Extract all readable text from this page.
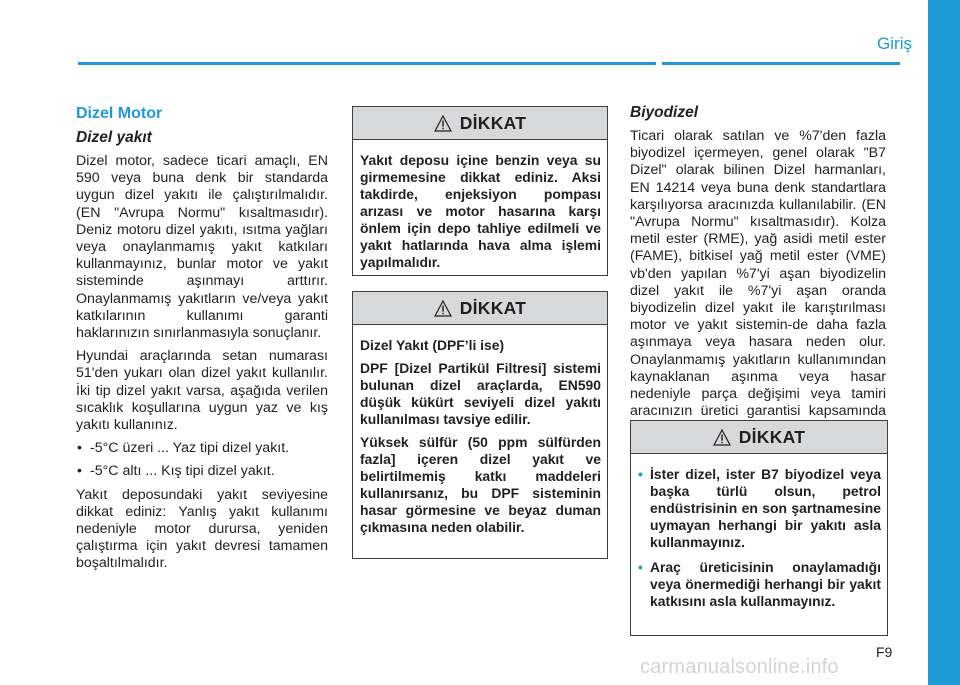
Giriş
Dizel Motor
Dizel yakıt

Dizel motor, sadece ticari amaçlı, EN 590 veya buna denk bir standarda uygun dizel yakıtı ile çalıştırılmalıdır. (EN "Avrupa Normu" kısaltmasıdır). Deniz motoru dizel yakıtı, ısıtma yağları veya onaylanmamış yakıt katkıları kullanmayınız, bunlar motor ve yakıt sisteminde aşınmayı arttırır. Onaylanmamış yakıtların ve/veya yakıt katkılarının kullanımı garanti haklarınızın sınırlanmasıyla sonuçlanır.

Hyundai araçlarında setan numarası 51'den yukarı olan dizel yakıt kullanılır. İki tip dizel yakıt varsa, aşağıda verilen sıcaklık koşullarına uygun yaz ve kış yakıtı kullanınız.

• -5°C üzeri ... Yaz tipi dizel yakıt.
• -5°C altı ... Kış tipi dizel yakıt.

Yakıt deposundaki yakıt seviyesine dikkat ediniz: Yanlış yakıt kullanımı nedeniyle motor durursa, yeniden çalıştırma için yakıt devresi tamamen boşaltılmalıdır.

DİKKAT

Yakıt deposu içine benzin veya su girmemesine dikkat ediniz. Aksi takdirde, enjeksiyon pompası arızası ve motor hasarına karşı önlem için depo tahliye edilmeli ve yakıt hatlarında hava alma işlemi yapılmalıdır.

DİKKAT

Dizel Yakıt (DPF’li ise)

DPF [Dizel Partikül Filtresi] sistemi bulunan dizel araçlarda, EN590 düşük kükürt seviyeli dizel yakıtı kullanılması tavsiye edilir.

Yüksek sülfür (50 ppm sülfürden fazla] içeren dizel yakıt ve belirtilmemiş katkı maddeleri kullanırsanız, bu DPF sisteminin hasar görmesine ve beyaz duman çıkmasına neden olabilir.

Biyodizel

Ticari olarak satılan ve %7'den fazla biyodizel içermeyen, genel olarak "B7 Dizel" olarak bilinen Dizel harmanları, EN 14214 veya buna denk standartlara karşılıyorsa aracınızda kullanılabilir. (EN "Avrupa Normu" kısaltmasıdır). Kolza metil ester (RME), yağ asidi metil ester (FAME), bitkisel yağ metil ester (VME) vb'den yapılan %7'yi aşan biyodizelin dizel yakıt ile %7'yi aşan oranda biyodizelin dizel yakıt ile karıştırılması motor ve yakıt sistemin-de daha fazla aşınmaya veya hasara neden olur. Onaylanmamış yakıtların kullanımından kaynaklanan aşınma veya hasar nedeniyle parça değişimi veya tamiri aracınızın üretici garantisi kapsamında

DİKKAT
• İster dizel, ister B7 biyodizel veya başka türlü olsun, petrol endüstrisinin en son şartnamesine uymayan herhangi bir yakıtı asla kullanmayınız.
• Araç üreticisinin onaylamadığı veya önermediği herhangi bir yakıt katkısını asla kullanmayınız.
F9
carmanualsonline.info
